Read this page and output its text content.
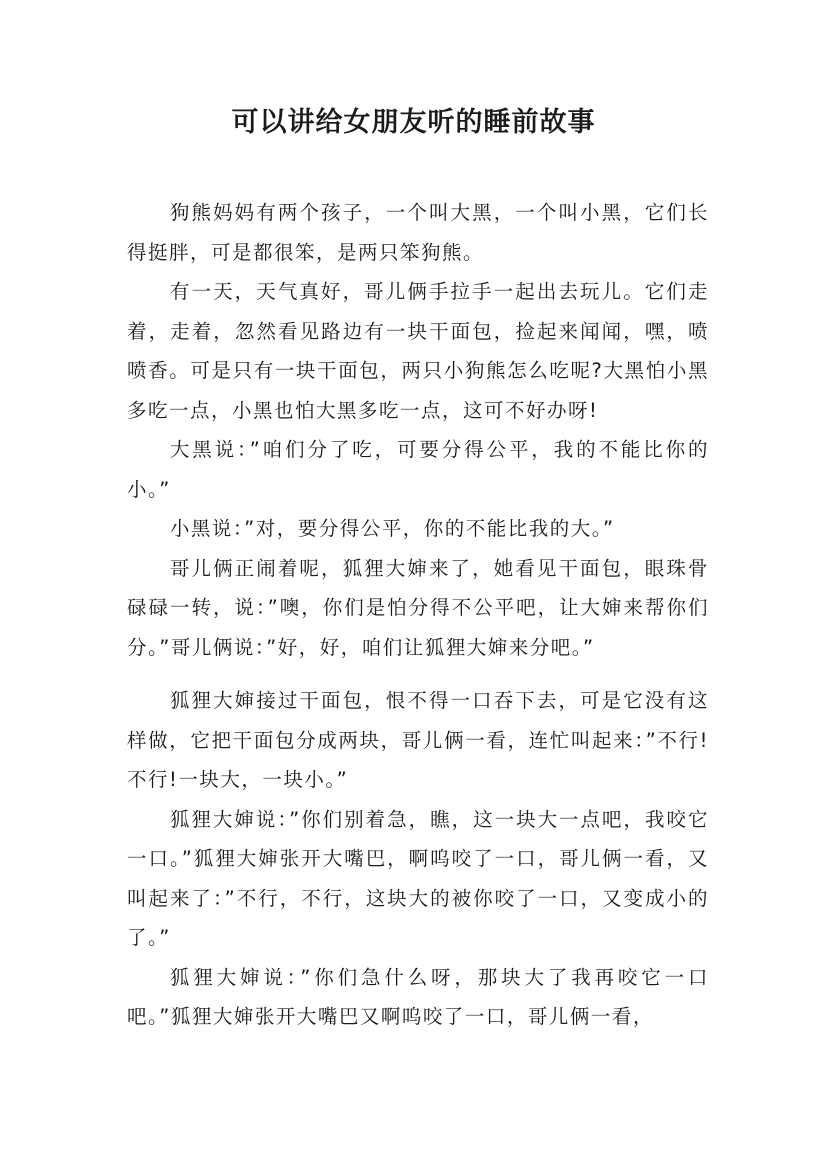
可以讲给女朋友听的睡前故事

狗熊妈妈有两个孩子，一个叫大黑，一个叫小黑，它们长得挺胖，可是都很笨，是两只笨狗熊。

有一天，天气真好，哥儿俩手拉手一起出去玩儿。它们走着，走着，忽然看见路边有一块干面包，捡起来闻闻，嘿，喷喷香。可是只有一块干面包，两只小狗熊怎么吃呢?大黑怕小黑多吃一点，小黑也怕大黑多吃一点，这可不好办呀!

大黑说：”咱们分了吃，可要分得公平，我的不能比你的小。”

小黑说：”对，要分得公平，你的不能比我的大。”

哥儿俩正闹着呢，狐狸大婶来了，她看见干面包，眼珠骨碌碌一转，说：”噢，你们是怕分得不公平吧，让大婶来帮你们分。”哥儿俩说：”好，好，咱们让狐狸大婶来分吧。”

狐狸大婶接过干面包，恨不得一口吞下去，可是它没有这样做，它把干面包分成两块，哥儿俩一看，连忙叫起来：”不行!不行!一块大，一块小。”

狐狸大婶说：”你们别着急，瞧，这一块大一点吧，我咬它一口。”狐狸大婶张开大嘴巴，啊呜咬了一口，哥儿俩一看，又叫起来了：”不行，不行，这块大的被你咬了一口，又变成小的了。”

狐狸大婶说：”你们急什么呀，那块大了我再咬它一口吧。”狐狸大婶张开大嘴巴又啊呜咬了一口，哥儿俩一看，
